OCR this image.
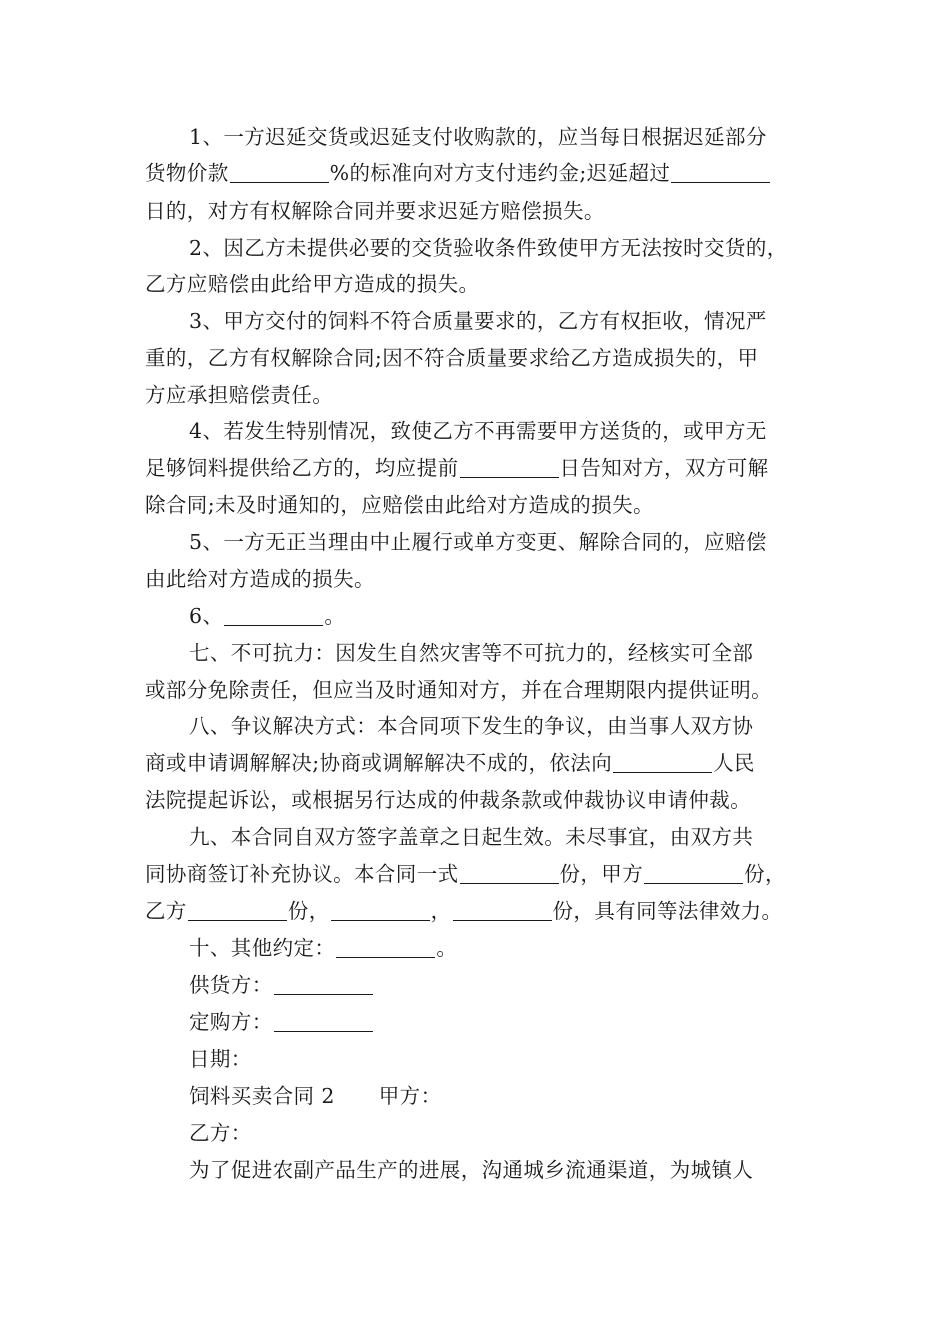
1、一方迟延交货或迟延支付收购款的，应当每日根据迟延部分
货物价款	%的标准向对方支付违约金;迟延超过
日的，对方有权解除合同并要求迟延方赔偿损失。
2、因乙方未提供必要的交货验收条件致使甲方无法按时交货的，
乙方应赔偿由此给甲方造成的损失。
3、甲方交付的饲料不符合质量要求的，乙方有权拒收，情况严
重的，乙方有权解除合同;因不符合质量要求给乙方造成损失的，甲
方应承担赔偿责任。
4、若发生特别情况，致使乙方不再需要甲方送货的，或甲方无
足够饲料提供给乙方的，均应提前	日告知对方，双方可解
除合同;未及时通知的，应赔偿由此给对方造成的损失。
5、一方无正当理由中止履行或单方变更、解除合同的，应赔偿
由此给对方造成的损失。
6、	。
七、不可抗力：因发生自然灾害等不可抗力的，经核实可全部
或部分免除责任，但应当及时通知对方，并在合理期限内提供证明。
八、争议解决方式：本合同项下发生的争议，由当事人双方协
商或申请调解解决;协商或调解解决不成的，依法向	人民
法院提起诉讼，或根据另行达成的仲裁条款或仲裁协议申请仲裁。
九、本合同自双方签字盖章之日起生效。未尽事宜，由双方共
同协商签订补充协议。本合同一式	份，甲方	份，
乙方	份，	，	份，具有同等法律效力。
十、其他约定：	。
供货方：
定购方：
日期：
饲料买卖合同 2 甲方：
乙方：
为了促进农副产品生产的进展，沟通城乡流通渠道，为城镇人
